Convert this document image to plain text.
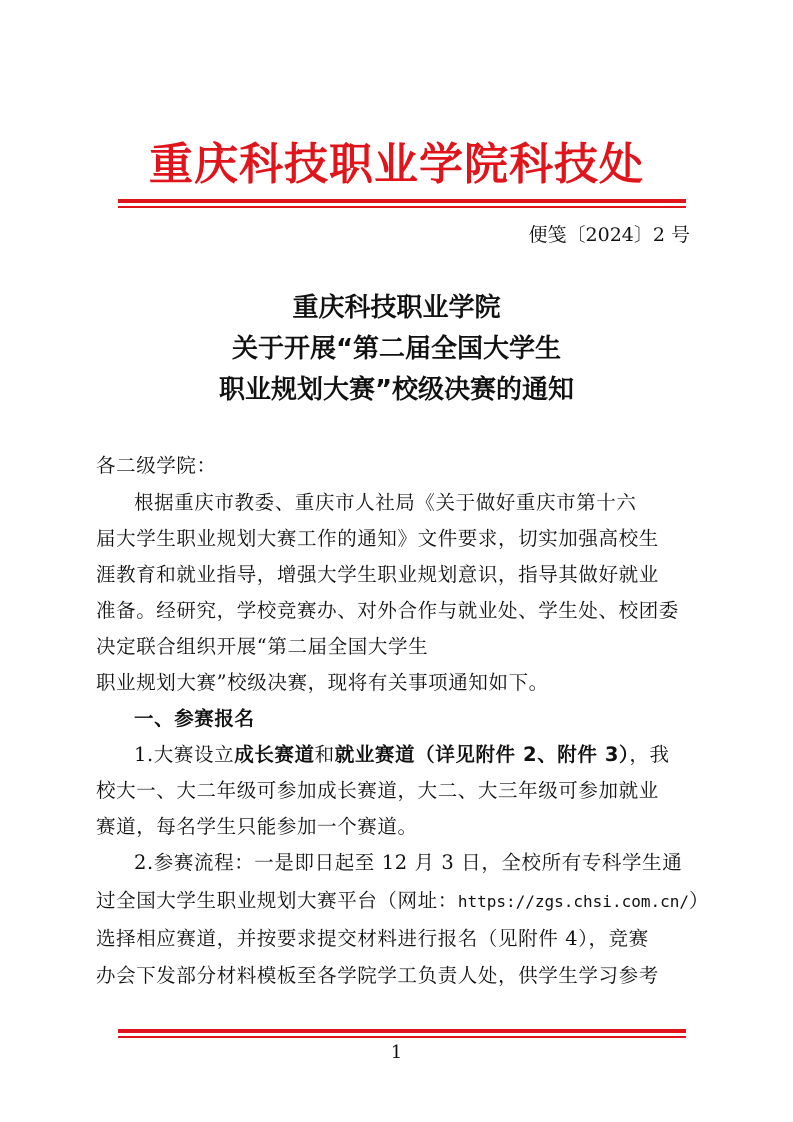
重庆科技职业学院科技处
便笺〔2024〕2 号
重庆科技职业学院
关于开展“第二届全国大学生
职业规划大赛”校级决赛的通知
各二级学院：
根据重庆市教委、重庆市人社局《关于做好重庆市第十六
届大学生职业规划大赛工作的通知》文件要求，切实加强高校生
涯教育和就业指导，增强大学生职业规划意识，指导其做好就业
准备。经研究，学校竞赛办、对外合作与就业处、学生处、校团委
决定联合组织开展“第二届全国大学生
职业规划大赛”校级决赛，现将有关事项通知如下。
一、参赛报名
1.大赛设立成长赛道和就业赛道（详见附件 2、附件 3），我
校大一、大二年级可参加成长赛道，大二、大三年级可参加就业
赛道，每名学生只能参加一个赛道。
2.参赛流程：一是即日起至 12 月 3 日，全校所有专科学生通
过全国大学生职业规划大赛平台（网址：https://zgs.chsi.com.cn/）
选择相应赛道，并按要求提交材料进行报名（见附件 4），竞赛
办会下发部分材料模板至各学院学工负责人处，供学生学习参考
1
